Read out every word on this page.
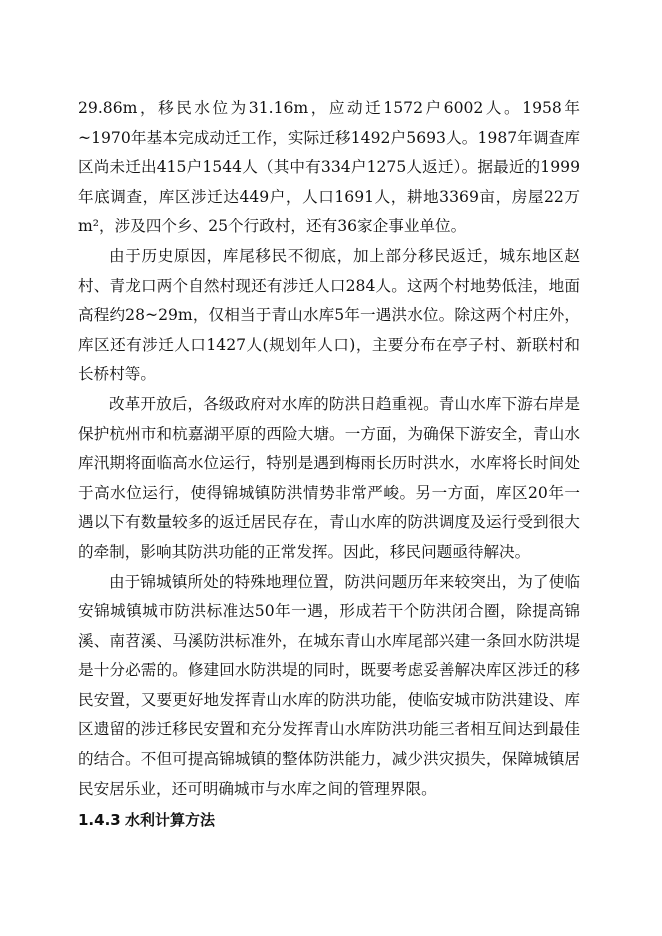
29.86m，移民水位为31.16m，应动迁1572户6002人。1958年~1970年基本完成动迁工作，实际迁移1492户5693人。1987年调查库区尚未迁出415户1544人（其中有334户1275人返迁）。据最近的1999年底调查，库区涉迁达449户，人口1691人，耕地3369亩，房屋22万m²，涉及四个乡、25个行政村，还有36家企事业单位。

由于历史原因，库尾移民不彻底，加上部分移民返迁，城东地区赵村、青龙口两个自然村现还有涉迁人口284人。这两个村地势低洼，地面高程约28~29m，仅相当于青山水库5年一遇洪水位。除这两个村庄外，库区还有涉迁人口1427人(规划年人口)，主要分布在亭子村、新联村和长桥村等。

改革开放后，各级政府对水库的防洪日趋重视。青山水库下游右岸是保护杭州市和杭嘉湖平原的西险大塘。一方面，为确保下游安全，青山水库汛期将面临高水位运行，特别是遇到梅雨长历时洪水，水库将长时间处于高水位运行，使得锦城镇防洪情势非常严峻。另一方面，库区20年一遇以下有数量较多的返迁居民存在，青山水库的防洪调度及运行受到很大的牵制，影响其防洪功能的正常发挥。因此，移民问题亟待解决。

由于锦城镇所处的特殊地理位置，防洪问题历年来较突出，为了使临安锦城镇城市防洪标准达50年一遇，形成若干个防洪闭合圈，除提高锦溪、南苕溪、马溪防洪标准外，在城东青山水库尾部兴建一条回水防洪堤是十分必需的。修建回水防洪堤的同时，既要考虑妥善解决库区涉迁的移民安置，又要更好地发挥青山水库的防洪功能，使临安城市防洪建设、库区遗留的涉迁移民安置和充分发挥青山水库防洪功能三者相互间达到最佳的结合。不但可提高锦城镇的整体防洪能力，减少洪灾损失，保障城镇居民安居乐业，还可明确城市与水库之间的管理界限。

1.4.3 水利计算方法
